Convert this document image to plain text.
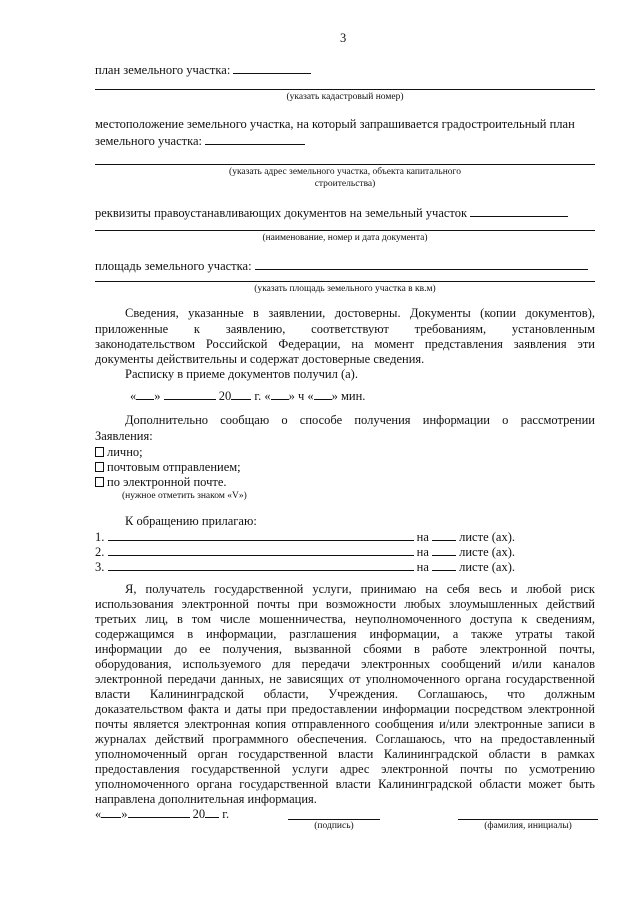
3
план земельного участка:
(указать кадастровый номер)
местоположение земельного участка, на который запрашивается градостроительный план
земельного участка:
(указать адрес земельного участка, объекта капитального
строительства)
реквизиты правоустанавливающих документов на земельный участок
(наименование, номер и дата документа)
площадь земельного участка:
(указать площадь земельного участка в кв.м)
Сведения, указанные в заявлении, достоверны. Документы (копии документов),
приложенные к заявлению, соответствуют требованиям, установленным
законодательством Российской Федерации, на момент представления заявления эти
документы действительны и содержат достоверные сведения.
Расписку в приеме документов получил (а).
« »	20 г. « » ч « » мин.
Дополнительно сообщаю о способе получения информации о рассмотрении
Заявления:
лично;
почтовым отправлением;
по электронной почте.
(нужное отметить знаком «V»)
К обращению прилагаю:
1.	на листе (ах).
2.	на листе (ах).
3.	на листе (ах).
Я, получатель государственной услуги, принимаю на себя весь и любой риск
использования электронной почты при возможности любых злоумышленных действий
третьих лиц, в том числе мошенничества, неуполномоченного доступа к сведениям,
содержащимся в информации, разглашения информации, а также утраты такой
информации до ее получения, вызванной сбоями в работе электронной почты,
оборудования, используемого для передачи электронных сообщений и/или каналов
электронной передачи данных, не зависящих от уполномоченного органа государственной
власти Калининградской области, Учреждения. Соглашаюсь, что должным
доказательством факта и даты при предоставлении информации посредством электронной
почты является электронная копия отправленного сообщения и/или электронные записи в
журналах действий программного обеспечения. Соглашаюсь, что на предоставленный
уполномоченный орган государственной власти Калининградской области в рамках
предоставления государственной услуги адрес электронной почты по усмотрению
уполномоченного органа государственной власти Калининградской области может быть
направлена дополнительная информация.
« »	20 г.
(подпись)	(фамилия, инициалы)
